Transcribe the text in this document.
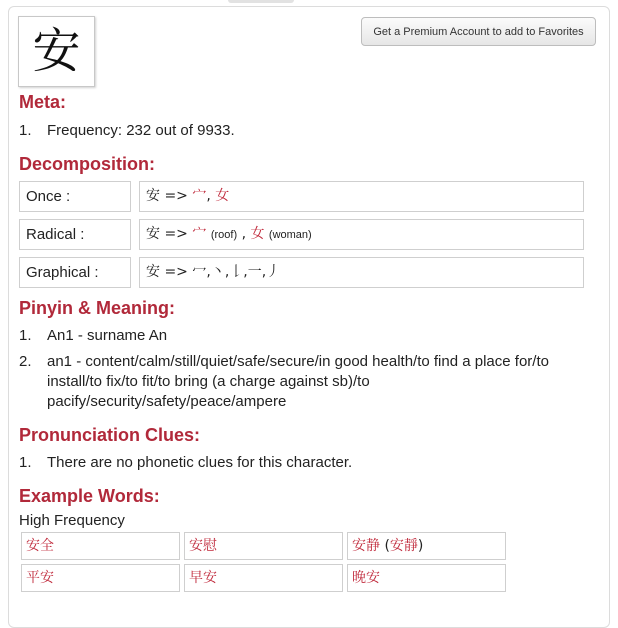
安	Get a Premium Account to add to Favorites
Meta:
1.	Frequency: 232 out of 9933.
Decomposition:
Once :	安 => 宀, 女
Radical :	安 => 宀 (roof) , 女 (woman)
Graphical :	安 => 冖,丶,𠄌,一,丿
Pinyin & Meaning:
1.	An1 - surname An
2.	an1 - content/calm/still/quiet/safe/secure/in good health/to find a place for/to install/to fix/to fit/to bring (a charge against sb)/to pacify/security/safety/peace/ampere
Pronunciation Clues:
1.	There are no phonetic clues for this character.
Example Words:
High Frequency
安全	安慰	安静 (安靜)
平安	早安	晚安
